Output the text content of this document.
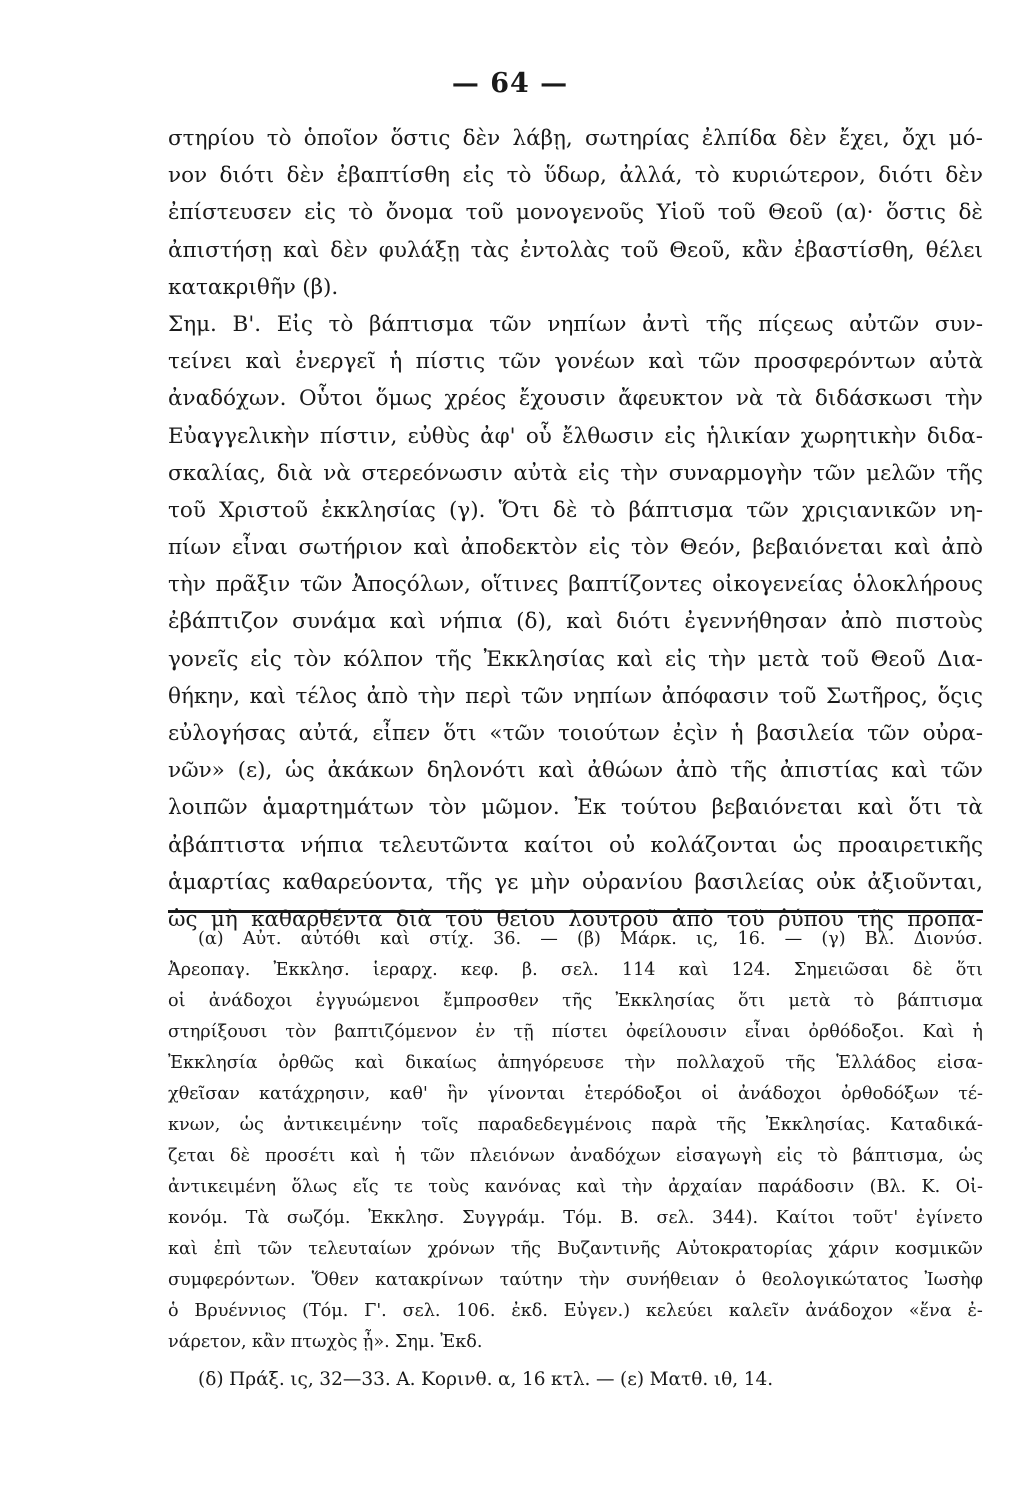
— 64 —
στηρίου τὸ ὁποῖον ὅστις δὲν λάβῃ, σωτηρίας ἐλπίδα δὲν ἔχει, ὄχι μό-
νον διότι δὲν ἐβαπτίσθη εἰς τὸ ὕδωρ, ἀλλά, τὸ κυριώτερον, διότι δὲν
ἐπίστευσεν εἰς τὸ ὄνομα τοῦ μονογενοῦς Υἱοῦ τοῦ Θεοῦ (α)· ὅστις δὲ
ἀπιστήσῃ καὶ δὲν φυλάξῃ τὰς ἐντολὰς τοῦ Θεοῦ, κἂν ἐβαστίσθη, θέλει
κατακριθῆν (β).
Σημ. Β'. Εἰς τὸ βάπτισμα τῶν νηπίων ἀντὶ τῆς πίςεως αὐτῶν συν-
τείνει καὶ ἐνεργεῖ ἡ πίστις τῶν γονέων καὶ τῶν προσφερόντων αὐτὰ
ἀναδόχων. Οὗτοι ὅμως χρέος ἔχουσιν ἄφευκτον νὰ τὰ διδάσκωσι τὴν
Εὐαγγελικὴν πίστιν, εὐθὺς ἀφ' οὗ ἔλθωσιν εἰς ἡλικίαν χωρητικὴν διδα-
σκαλίας, διὰ νὰ στερεόνωσιν αὐτὰ εἰς τὴν συναρμογὴν τῶν μελῶν τῆς
τοῦ Χριστοῦ ἐκκλησίας (γ). Ὅτι δὲ τὸ βάπτισμα τῶν χριςιανικῶν νη-
πίων εἶναι σωτήριον καὶ ἀποδεκτὸν εἰς τὸν Θεόν, βεβαιόνεται καὶ ἀπὸ
τὴν πρᾶξιν τῶν Ἀποςόλων, οἵτινες βαπτίζοντες οἰκογενείας ὁλοκλήρους
ἐβάπτιζον συνάμα καὶ νήπια (δ), καὶ διότι ἐγεννήθησαν ἀπὸ πιστοὺς
γονεῖς εἰς τὸν κόλπον τῆς Ἐκκλησίας καὶ εἰς τὴν μετὰ τοῦ Θεοῦ Δια-
θήκην, καὶ τέλος ἀπὸ τὴν περὶ τῶν νηπίων ἀπόφασιν τοῦ Σωτῆρος, ὅςις
εὐλογήσας αὐτά, εἶπεν ὅτι «τῶν τοιούτων ἐςὶν ἡ βασιλεία τῶν οὐρα-
νῶν» (ε), ὡς ἀκάκων δηλονότι καὶ ἀθώων ἀπὸ τῆς ἀπιστίας καὶ τῶν
λοιπῶν ἁμαρτημάτων τὸν μῶμον. Ἐκ τούτου βεβαιόνεται καὶ ὅτι τὰ
ἀβάπτιστα νήπια τελευτῶντα καίτοι οὐ κολάζονται ὡς προαιρετικῆς
ἁμαρτίας καθαρεύοντα, τῆς γε μὴν οὐρανίου βασιλείας οὐκ ἀξιοῦνται,
ὡς μὴ καθαρθέντα διὰ τοῦ θείου λουτροῦ ἀπὸ τοῦ ῥύπου τῆς προπα-
(α) Αὐτ. αὐτόθι καὶ στίχ. 36. — (β) Μάρκ. ις, 16. — (γ) Βλ. Διονύσ.
Ἀρεοπαγ. Ἐκκλησ. ἱεραρχ. κεφ. β. σελ. 114 καὶ 124. Σημειῶσαι δὲ ὅτι
οἱ ἀνάδοχοι ἐγγυώμενοι ἔμπροσθεν τῆς Ἐκκλησίας ὅτι μετὰ τὸ βάπτισμα
στηρίξουσι τὸν βαπτιζόμενον ἐν τῇ πίστει ὀφείλουσιν εἶναι ὀρθόδοξοι. Καὶ ἡ
Ἐκκλησία ὀρθῶς καὶ δικαίως ἀπηγόρευσε τὴν πολλαχοῦ τῆς Ἑλλάδος εἰσα-
χθεῖσαν κατάχρησιν, καθ' ἣν γίνονται ἑτερόδοξοι οἱ ἀνάδοχοι ὀρθοδόξων τέ-
κνων, ὡς ἀντικειμένην τοῖς παραδεδεγμένοις παρὰ τῆς Ἐκκλησίας. Καταδικά-
ζεται δὲ προσέτι καὶ ἡ τῶν πλειόνων ἀναδόχων εἰσαγωγὴ εἰς τὸ βάπτισμα, ὡς
ἀντικειμένη ὅλως εἴς τε τοὺς κανόνας καὶ τὴν ἀρχαίαν παράδοσιν (Βλ. Κ. Οἰ-
κονόμ. Τὰ σωζόμ. Ἐκκλησ. Συγγράμ. Τόμ. Β. σελ. 344). Καίτοι τοῦτ' ἐγίνετο
καὶ ἐπὶ τῶν τελευταίων χρόνων τῆς Βυζαντινῆς Αὐτοκρατορίας χάριν κοσμικῶν
συμφερόντων. Ὅθεν κατακρίνων ταύτην τὴν συνήθειαν ὁ θεολογικώτατος Ἰωσὴφ
ὁ Βρυέννιος (Τόμ. Γ'. σελ. 106. ἐκδ. Εὐγεν.) κελεύει καλεῖν ἀνάδοχον «ἕνα ἐ-
νάρετον, κἂν πτωχὸς ᾖ». Σημ. Ἐκδ.
(δ) Πράξ. ις, 32—33. Α. Κορινθ. α, 16 κτλ. — (ε) Ματθ. ιθ, 14.
